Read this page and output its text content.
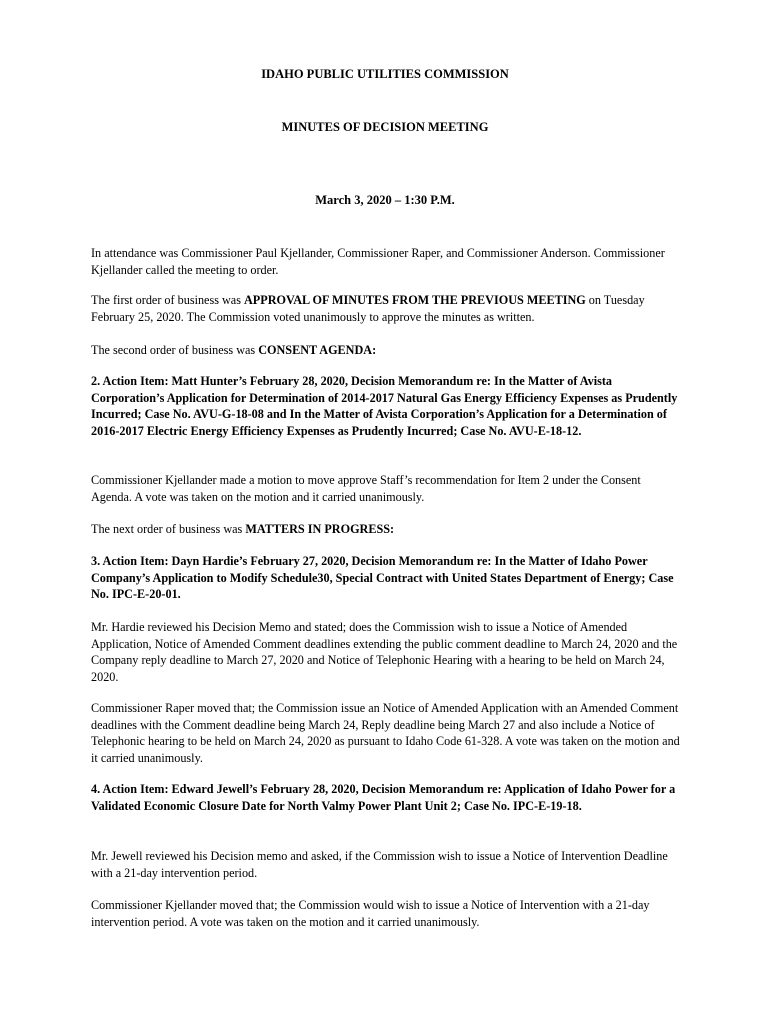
IDAHO PUBLIC UTILITIES COMMISSION

MINUTES OF DECISION MEETING

March 3, 2020 – 1:30 P.M.

In attendance was Commissioner Paul Kjellander, Commissioner Raper, and Commissioner Anderson. Commissioner Kjellander called the meeting to order.

The first order of business was APPROVAL OF MINUTES FROM THE PREVIOUS MEETING on Tuesday February 25, 2020. The Commission voted unanimously to approve the minutes as written.

The second order of business was CONSENT AGENDA:

2. Action Item: Matt Hunter’s February 28, 2020, Decision Memorandum re: In the Matter of Avista Corporation’s Application for Determination of 2014-2017 Natural Gas Energy Efficiency Expenses as Prudently Incurred; Case No. AVU-G-18-08 and In the Matter of Avista Corporation’s Application for a Determination of 2016-2017 Electric Energy Efficiency Expenses as Prudently Incurred; Case No. AVU-E-18-12.

Commissioner Kjellander made a motion to move approve Staff’s recommendation for Item 2 under the Consent Agenda. A vote was taken on the motion and it carried unanimously.

The next order of business was MATTERS IN PROGRESS:

3. Action Item: Dayn Hardie’s February 27, 2020, Decision Memorandum re: In the Matter of Idaho Power Company’s Application to Modify Schedule30, Special Contract with United States Department of Energy; Case No. IPC-E-20-01.

Mr. Hardie reviewed his Decision Memo and stated; does the Commission wish to issue a Notice of Amended Application, Notice of Amended Comment deadlines extending the public comment deadline to March 24, 2020 and the Company reply deadline to March 27, 2020 and Notice of Telephonic Hearing with a hearing to be held on March 24, 2020.

Commissioner Raper moved that; the Commission issue an Notice of Amended Application with an Amended Comment deadlines with the Comment deadline being March 24, Reply deadline being March 27 and also include a Notice of Telephonic hearing to be held on March 24, 2020 as pursuant to Idaho Code 61-328. A vote was taken on the motion and it carried unanimously.

4. Action Item: Edward Jewell’s February 28, 2020, Decision Memorandum re: Application of Idaho Power for a Validated Economic Closure Date for North Valmy Power Plant Unit 2; Case No. IPC-E-19-18.

Mr. Jewell reviewed his Decision memo and asked, if the Commission wish to issue a Notice of Intervention Deadline with a 21-day intervention period.

Commissioner Kjellander moved that; the Commission would wish to issue a Notice of Intervention with a 21-day intervention period. A vote was taken on the motion and it carried unanimously.
